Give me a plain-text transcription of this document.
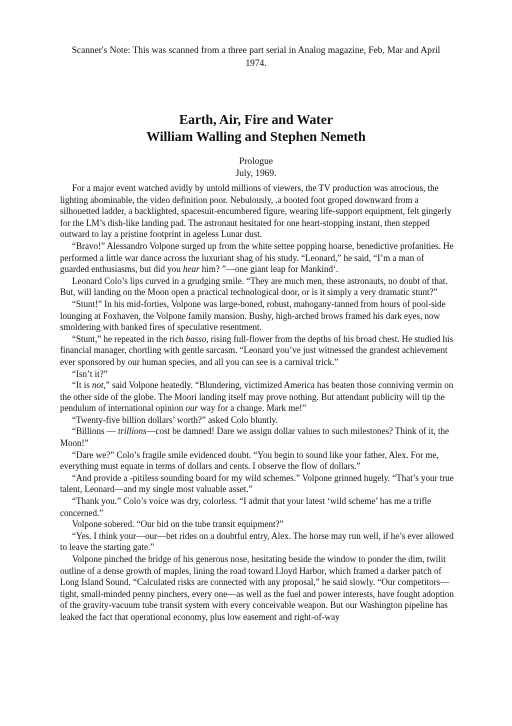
Scanner's Note: This was scanned from a three part serial in Analog magazine, Feb, Mar and April 1974.
Earth, Air, Fire and Water
William Walling and Stephen Nemeth
Prologue
July, 1969.

For a major event watched avidly by untold millions of viewers, the TV production was atrocious, the lighting abominable, the video definition poor. Nebulously, .a booted foot groped downward from a silhouetted ladder, a backlighted, spacesuit-encumbered figure, wearing life-support equipment, felt gingerly for the LM’s dish-like landing pad. The astronaut hesitated for one heart-stopping instant, then stepped outward to lay a pristine footprint in ageless Lunar dust.

“Bravo!” Alessandro Volpone surged up from the white settee popping hoarse, benedictive profanities. He performed a little war dance across the luxuriant shag of his study. “Leonard,” he said, “I’m a man of guarded enthusiasms, but did you hear him? ”—one giant leap for Mankind‘.

Leonard Colo’s lips curved in a grudging smile. “They are much men, these astronauts, no doubt of that. But, will landing on the Moon open a practical technological door, or is it simply a very dramatic stunt?”

“Stunt!” In his mid-forties, Volpone was large-boned, robust, mahogany-tanned from hours of pool-side lounging at Foxhaven, the Volpone family mansion. Bushy, high-arched brows framed his dark eyes, now smoldering with banked fires of speculative resentment.

“Stunt,” he repeated in the rich basso, rising full-flower from the depths of his broad chest. He studied his financial manager, chortling with gentle sarcasm. “Leonard you’ve just witnessed the grandest achievement ever sponsored by our human species, and all you can see is a carnival trick.”

“Isn’t it?”

“It is not,” said Volpone heatedly. “Blundering, victimized America has beaten those conniving vermin on the other side of the globe. The Moori landing itself may prove nothing. But attendant publicity will tip the pendulum of international opinion our way for a change. Mark me!”

“Twenty-five billion dollars’ worth?” asked Colo bluntly.

“Billions — trillions—cost be damned! Dare we assign dollar values to such milestones? Think of it, the Moon!”

“Dare we?” Colo’s fragile smile evidenced doubt. “You begin to sound like your father, Alex. For me, everything must equate in terms of dollars and cents. I observe the flow of dollars.”

“And provide a -pitiless sounding board for my wild schemes.” Volpone grinned hugely. “That’s your true talent, Leonard—and my single most valuable asset.”

“Thank you.” Colo’s voice was dry, colorless. “I admit that your latest ‘wild scheme’ has me a trifle concerned.”

Volpone sobered. “Our bid on the tube transit equipment?”

“Yes. I think your—our—bet rides on a doubtful entry, Alex. The horse may run well, if he’s ever allowed to leave the starting gate.”

Volpone pinched the bridge of his generous nose, hesitating beside the window to ponder the dim, twilit outline of a dense growth of maples, lining the road toward Lloyd Harbor, which framed a darker patch of Long Island Sound. “Calculated risks are connected with any proposal,” he said slowly. “Our competitors—tight, small-minded penny pinchers, every one—as well as the fuel and power interests, have fought adoption of the gravity-vacuum tube transit system with every conceivable weapon. But our Washington pipeline has leaked the fact that operational economy, plus low easement and right-of-way
